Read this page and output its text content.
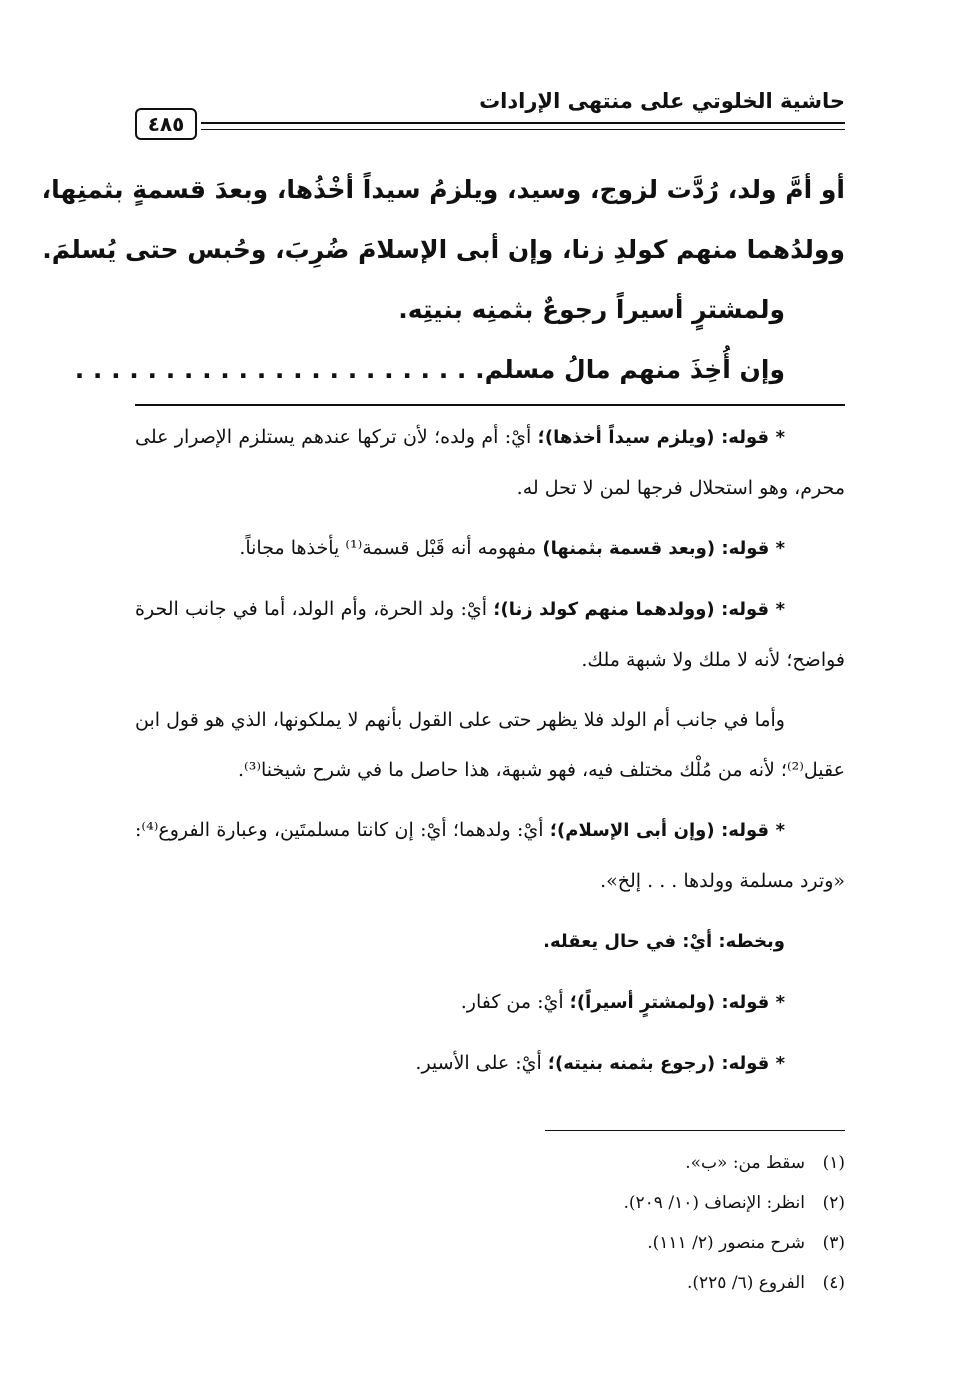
حاشية الخلوتي على منتهى الإرادات
٤٨٥
أو أمَّ ولد، رُدَّت لزوج، وسيد، ويلزمُ سيداً أخْذُها، وبعدَ قسمةٍ بثمنِها،
وولدُهما منهم كولدِ زنا، وإن أبى الإسلامَ ضُرِبَ، وحُبس حتى يُسلمَ.
ولمشترٍ أسيراً رجوعٌ بثمنِه بنيتِه.
وإن أُخِذَ منهم مالُ مسلم. . . . . . . . . . . . . . . . . . . . . . .

* قوله: (ويلزم سيداً أخذها)؛ أيْ: أم ولده؛ لأن تركها عندهم يستلزم الإصرار على محرم، وهو استحلال فرجها لمن لا تحل له.

* قوله: (وبعد قسمة بثمنها) مفهومه أنه قَبْل قسمة⁽¹⁾ يأخذها مجاناً.

* قوله: (وولدهما منهم كولد زنا)؛ أيْ: ولد الحرة، وأم الولد، أما في جانب الحرة فواضح؛ لأنه لا ملك ولا شبهة ملك.

وأما في جانب أم الولد فلا يظهر حتى على القول بأنهم لا يملكونها، الذي هو قول ابن عقيل⁽²⁾؛ لأنه من مُلْك مختلف فيه، فهو شبهة، هذا حاصل ما في شرح شيخنا⁽³⁾.

* قوله: (وإن أبى الإسلام)؛ أيْ: ولدهما؛ أيْ: إن كانتا مسلمتَين، وعبارة الفروع⁽⁴⁾: «وترد مسلمة وولدها . . . إلخ».

وبخطه: أيْ: في حال يعقله.

* قوله: (ولمشترٍ أسيراً)؛ أيْ: من كفار.

* قوله: (رجوع بثمنه بنيته)؛ أيْ: على الأسير.

(١)سقط من: «ب».
(٢)انظر: الإنصاف (١٠/ ٢٠٩).
(٣)شرح منصور (٢/ ١١١).
(٤)الفروع (٦/ ٢٢٥).
